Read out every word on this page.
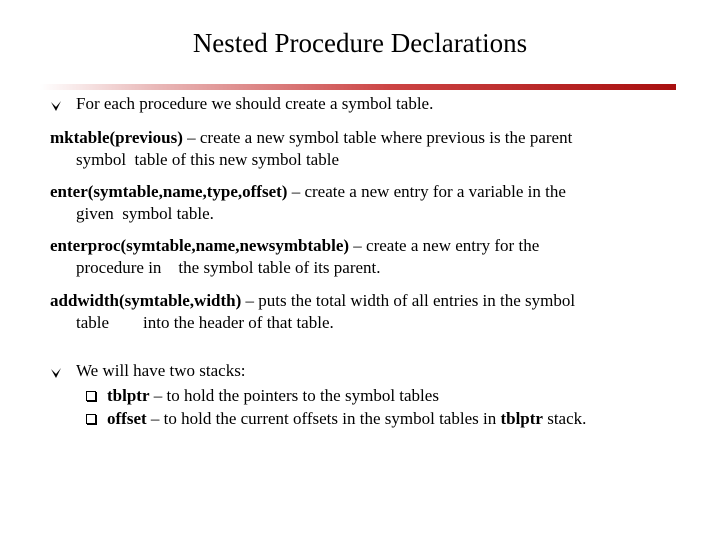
Nested Procedure Declarations
For each procedure we should create a symbol table.
mktable(previous) – create a new symbol table where previous is the parent
symbol  table of this new symbol table
enter(symtable,name,type,offset) – create a new entry for a variable in the
given  symbol table.
enterproc(symtable,name,newsymbtable) – create a new entry for the
procedure in    the symbol table of its parent.
addwidth(symtable,width) – puts the total width of all entries in the symbol
table        into the header of that table.
We will have two stacks:
tblptr – to hold the pointers to the symbol tables
offset – to hold the current offsets in the symbol tables in tblptr stack.
